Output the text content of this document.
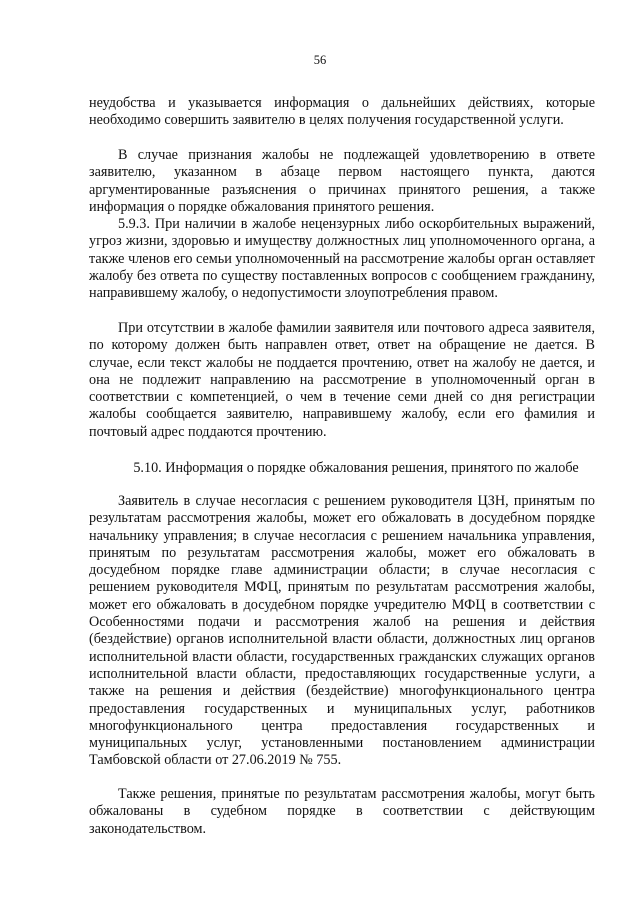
56

неудобства и указывается информация о дальнейших действиях, которые необходимо совершить заявителю в целях получения государственной услуги.

В случае признания жалобы не подлежащей удовлетворению в ответе заявителю, указанном в абзаце первом настоящего пункта, даются аргументированные разъяснения о причинах принятого решения, а также информация о порядке обжалования принятого решения.

5.9.3. При наличии в жалобе нецензурных либо оскорбительных выражений, угроз жизни, здоровью и имуществу должностных лиц уполномоченного органа, а также членов его семьи уполномоченный на рассмотрение жалобы орган оставляет жалобу без ответа по существу поставленных вопросов с сообщением гражданину, направившему жалобу, о недопустимости злоупотребления правом.

При отсутствии в жалобе фамилии заявителя или почтового адреса заявителя, по которому должен быть направлен ответ, ответ на обращение не дается. В случае, если текст жалобы не поддается прочтению, ответ на жалобу не дается, и она не подлежит направлению на рассмотрение в уполномоченный орган в соответствии с компетенцией, о чем в течение семи дней со дня регистрации жалобы сообщается заявителю, направившему жалобу, если его фамилия и почтовый адрес поддаются прочтению.

5.10. Информация о порядке обжалования решения, принятого по жалобе

Заявитель в случае несогласия с решением руководителя ЦЗН, принятым по результатам рассмотрения жалобы, может его обжаловать в досудебном порядке начальнику управления; в случае несогласия с решением начальника управления, принятым по результатам рассмотрения жалобы, может его обжаловать в досудебном порядке главе администрации области; в случае несогласия с решением руководителя МФЦ, принятым по результатам рассмотрения жалобы, может его обжаловать в досудебном порядке учредителю МФЦ в соответствии с Особенностями подачи и рассмотрения жалоб на решения и действия (бездействие) органов исполнительной власти области, должностных лиц органов исполнительной власти области, государственных гражданских служащих органов исполнительной власти области, предоставляющих государственные услуги, а также на решения и действия (бездействие) многофункционального центра предоставления государственных и муниципальных услуг, работников многофункционального центра предоставления государственных и муниципальных услуг, установленными постановлением администрации Тамбовской области от 27.06.2019 № 755.

Также решения, принятые по результатам рассмотрения жалобы, могут быть обжалованы в судебном порядке в соответствии с действующим законодательством.
